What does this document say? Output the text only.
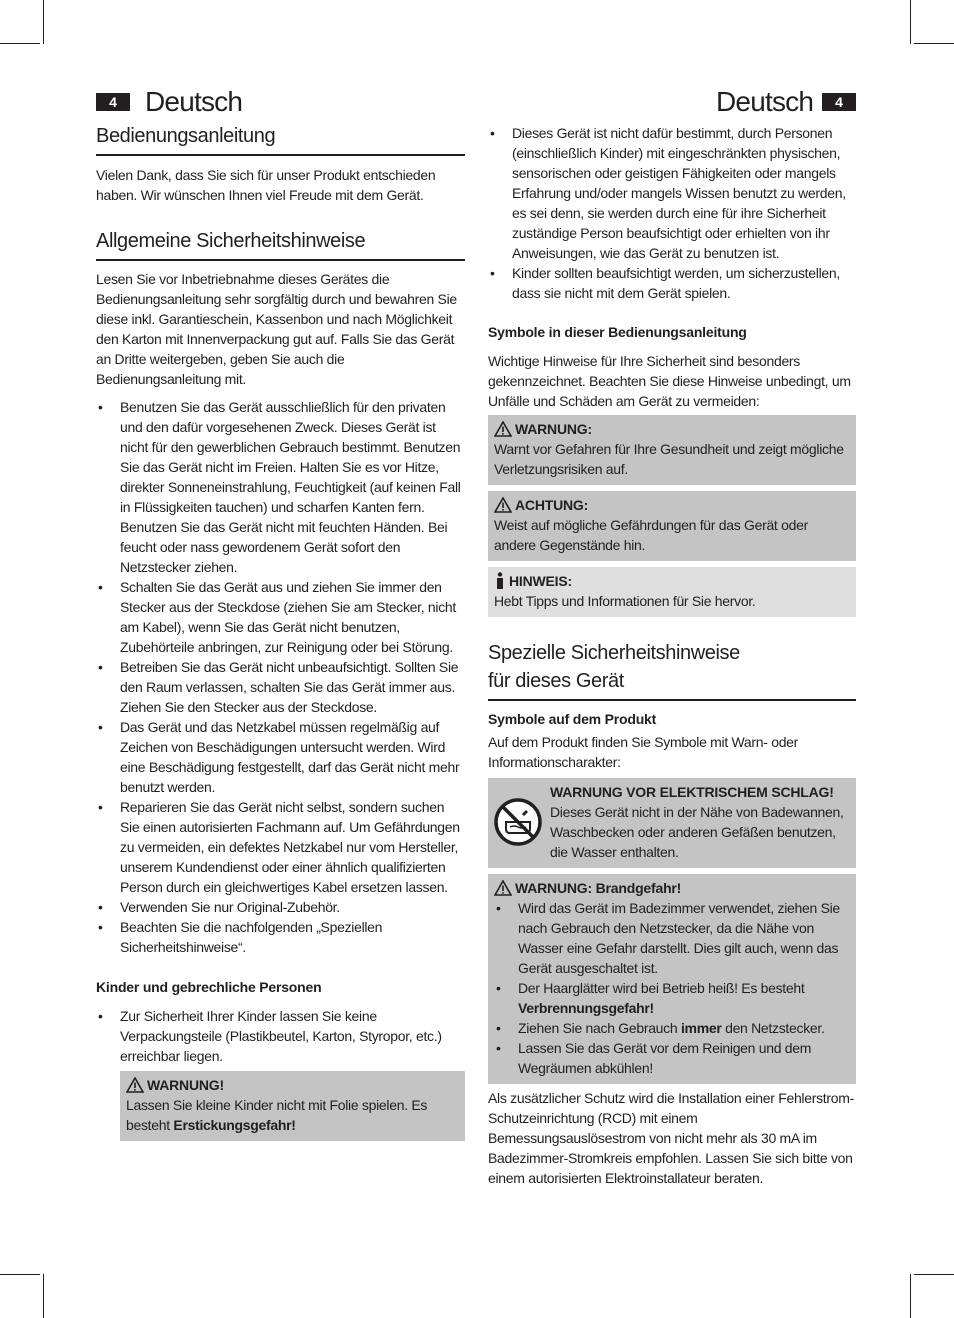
4	Deutsch	Deutsch	4
Bedienungsanleitung

Vielen Dank, dass Sie sich für unser Produkt entschieden haben. Wir wünschen Ihnen viel Freude mit dem Gerät.

Allgemeine Sicherheitshinweise

Lesen Sie vor Inbetriebnahme dieses Gerätes die Bedienungsanleitung sehr sorgfältig durch und bewahren Sie diese inkl. Garantieschein, Kassenbon und nach Möglichkeit den Karton mit Innenverpackung gut auf. Falls Sie das Gerät an Dritte weitergeben, geben Sie auch die Bedienungsanleitung mit.

• Benutzen Sie das Gerät ausschließlich für den privaten und den dafür vorgesehenen Zweck. Dieses Gerät ist nicht für den gewerblichen Gebrauch bestimmt. Benutzen Sie das Gerät nicht im Freien. Halten Sie es vor Hitze, direkter Sonneneinstrahlung, Feuchtigkeit (auf keinen Fall in Flüssigkeiten tauchen) und scharfen Kanten fern. Benutzen Sie das Gerät nicht mit feuchten Händen. Bei feucht oder nass gewordenem Gerät sofort den Netzstecker ziehen.
• Schalten Sie das Gerät aus und ziehen Sie immer den Stecker aus der Steckdose (ziehen Sie am Stecker, nicht am Kabel), wenn Sie das Gerät nicht benutzen, Zubehörteile anbringen, zur Reinigung oder bei Störung.
• Betreiben Sie das Gerät nicht unbeaufsichtigt. Sollten Sie den Raum verlassen, schalten Sie das Gerät immer aus. Ziehen Sie den Stecker aus der Steckdose.
• Das Gerät und das Netzkabel müssen regelmäßig auf Zeichen von Beschädigungen untersucht werden. Wird eine Beschädigung festgestellt, darf das Gerät nicht mehr benutzt werden.
• Reparieren Sie das Gerät nicht selbst, sondern suchen Sie einen autorisierten Fachmann auf. Um Gefährdungen zu vermeiden, ein defektes Netzkabel nur vom Hersteller, unserem Kundendienst oder einer ähnlich qualifizierten Person durch ein gleichwertiges Kabel ersetzen lassen.
• Verwenden Sie nur Original-Zubehör.
• Beachten Sie die nachfolgenden „Speziellen Sicherheitshinweise“.
Kinder und gebrechliche Personen
• Zur Sicherheit Ihrer Kinder lassen Sie keine Verpackungsteile (Plastikbeutel, Karton, Styropor, etc.) erreichbar liegen.
WARNUNG!

Lassen Sie kleine Kinder nicht mit Folie spielen. Es besteht Erstickungsgefahr!

• Dieses Gerät ist nicht dafür bestimmt, durch Personen (einschließlich Kinder) mit eingeschränkten physischen, sensorischen oder geistigen Fähigkeiten oder mangels Erfahrung und/oder mangels Wissen benutzt zu werden, es sei denn, sie werden durch eine für ihre Sicherheit zuständige Person beaufsichtigt oder erhielten von ihr Anweisungen, wie das Gerät zu benutzen ist.
• Kinder sollten beaufsichtigt werden, um sicherzustellen, dass sie nicht mit dem Gerät spielen.
Symbole in dieser Bedienungsanleitung

Wichtige Hinweise für Ihre Sicherheit sind besonders gekennzeichnet. Beachten Sie diese Hinweise unbedingt, um Unfälle und Schäden am Gerät zu vermeiden:

WARNUNG:

Warnt vor Gefahren für Ihre Gesundheit und zeigt mögliche Verletzungsrisiken auf.

ACHTUNG:

Weist auf mögliche Gefährdungen für das Gerät oder andere Gegenstände hin.

HINWEIS:

Hebt Tipps und Informationen für Sie hervor.

Spezielle Sicherheitshinweise
für dieses Gerät
Symbole auf dem Produkt

Auf dem Produkt finden Sie Symbole mit Warn- oder Informationscharakter:

WARNUNG VOR ELEKTRISCHEM SCHLAG!

Dieses Gerät nicht in der Nähe von Badewannen, Waschbecken oder anderen Gefäßen benutzen, die Wasser enthalten.

WARNUNG: Brandgefahr!
• Wird das Gerät im Badezimmer verwendet, ziehen Sie nach Gebrauch den Netzstecker, da die Nähe von Wasser eine Gefahr darstellt. Dies gilt auch, wenn das Gerät ausgeschaltet ist.
• Der Haarglätter wird bei Betrieb heiß! Es besteht Verbrennungsgefahr!
• Ziehen Sie nach Gebrauch immer den Netzstecker.
• Lassen Sie das Gerät vor dem Reinigen und dem Wegräumen abkühlen!

Als zusätzlicher Schutz wird die Installation einer Fehlerstrom-Schutzeinrichtung (RCD) mit einem Bemessungsauslösestrom von nicht mehr als 30 mA im Badezimmer-Stromkreis empfohlen. Lassen Sie sich bitte von einem autorisierten Elektroinstallateur beraten.
